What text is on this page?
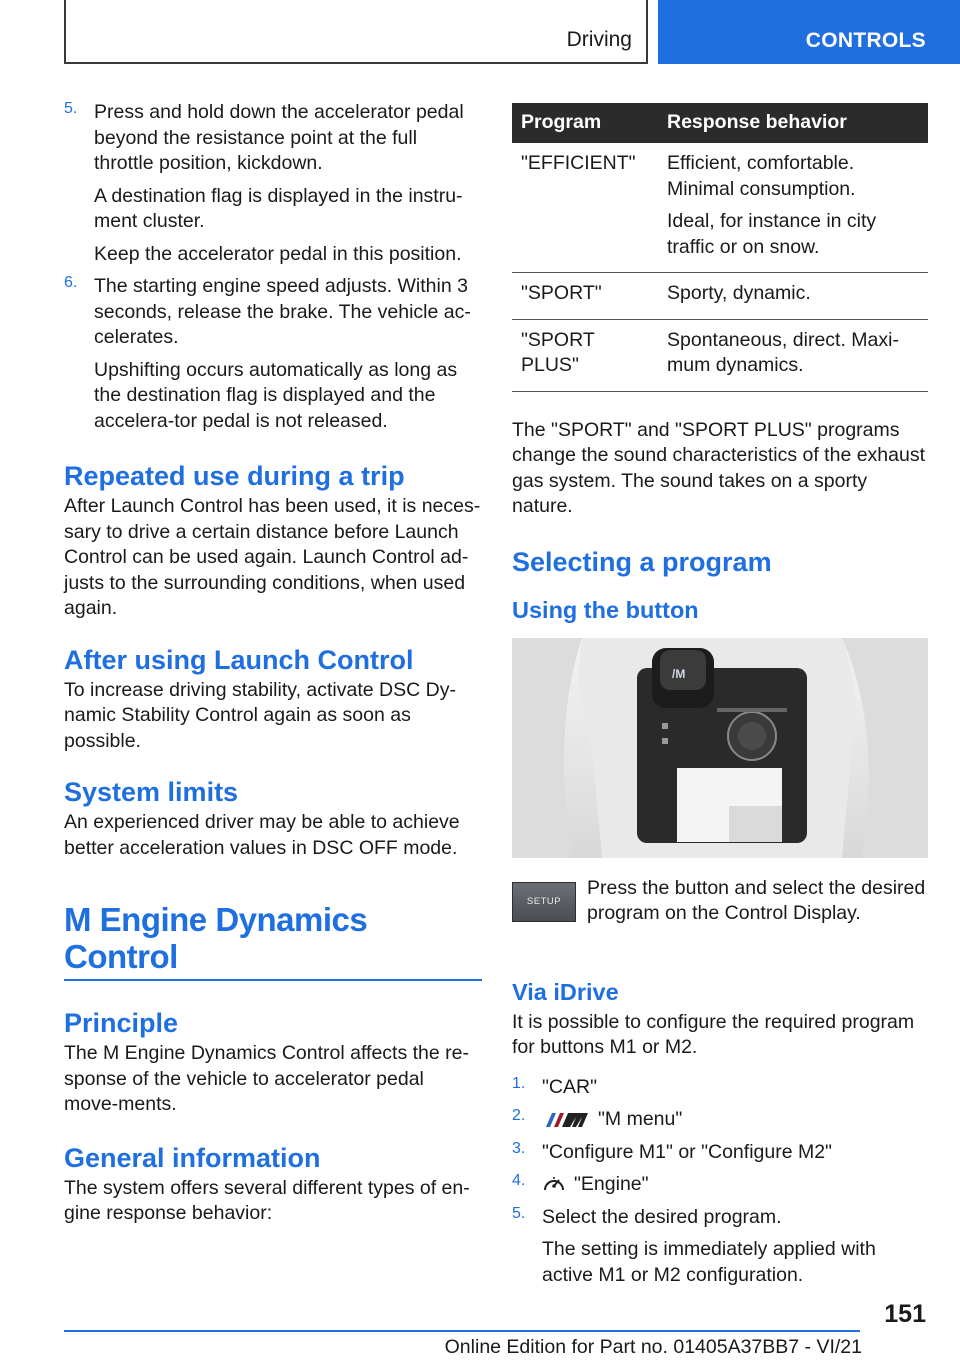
Driving	CONTROLS
5. Press and hold down the accelerator pedal beyond the resistance point at the full throttle position, kickdown.

A destination flag is displayed in the instru-ment cluster.

Keep the accelerator pedal in this position.

6. The starting engine speed adjusts. Within 3 seconds, release the brake. The vehicle ac-celerates.

Upshifting occurs automatically as long as the destination flag is displayed and the accelera-tor pedal is not released.

Repeated use during a trip

After Launch Control has been used, it is neces-sary to drive a certain distance before Launch Control can be used again. Launch Control ad-justs to the surrounding conditions, when used again.

After using Launch Control

To increase driving stability, activate DSC Dy-namic Stability Control again as soon as possible.

System limits

An experienced driver may be able to achieve better acceleration values in DSC OFF mode.

M Engine Dynamics
Control
Principle

The M Engine Dynamics Control affects the re-sponse of the vehicle to accelerator pedal move-ments.

General information

The system offers several different types of en-gine response behavior:

Program	Response behavior
"EFFICIENT"	Efficient, comfortable. Minimal consumption.

Ideal, for instance in city traffic or on snow.

"SPORT"	Sporty, dynamic.

"SPORT PLUS"	Spontaneous, direct. Maxi-mum dynamics.

The "SPORT" and "SPORT PLUS" programs change the sound characteristics of the exhaust gas system. The sound takes on a sporty nature.

Selecting a program
Using the button
/M
SETUP

Press the button and select the desired program on the Control Display.

Via iDrive

It is possible to configure the required program for buttons M1 or M2.

1. "CAR"

2.	"M menu"

3. "Configure M1" or "Configure M2"

4.	"Engine"

5. Select the desired program.

The setting is immediately applied with active M1 or M2 configuration.

151
Online Edition for Part no. 01405A37BB7 - VI/21
